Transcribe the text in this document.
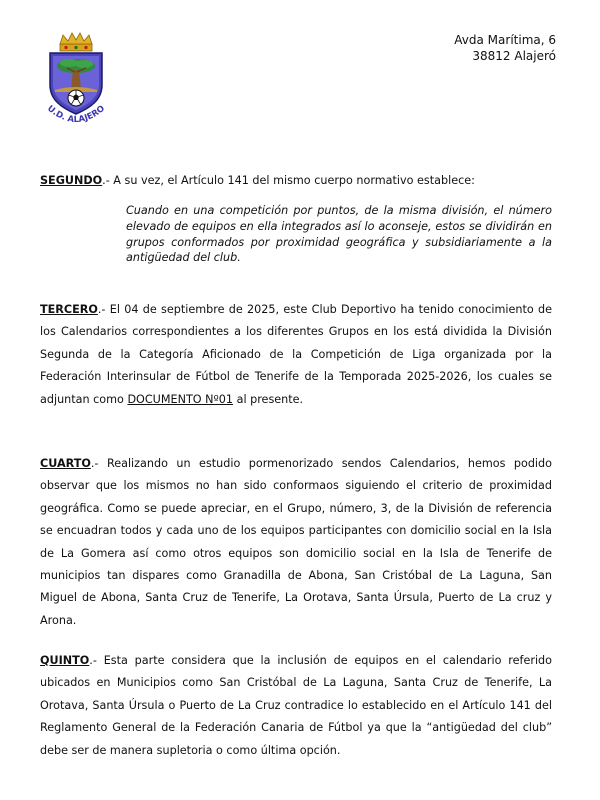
U.D. ALAJERO
Avda Marítima, 6
38812 Alajeró
SEGUNDO.- A su vez, el Artículo 141 del mismo cuerpo normativo establece:
Cuando en una competición por puntos, de la misma división, el número elevado de equipos en ella integrados así lo aconseje, estos se dividirán en grupos conformados por proximidad geográfica y subsidiariamente a la antigüedad del club.
TERCERO.- El 04 de septiembre de 2025, este Club Deportivo ha tenido conocimiento de los Calendarios correspondientes a los diferentes Grupos en los está dividida la División Segunda de la Categoría Aficionado de la Competición de Liga organizada por la Federación Interinsular de Fútbol de Tenerife de la Temporada 2025-2026, los cuales se adjuntan como DOCUMENTO Nº01 al presente.
CUARTO.- Realizando un estudio pormenorizado sendos Calendarios, hemos podido observar que los mismos no han sido conformaos siguiendo el criterio de proximidad geográfica. Como se puede apreciar, en el Grupo, número, 3, de la División de referencia se encuadran todos y cada uno de los equipos participantes con domicilio social en la Isla de La Gomera así como otros equipos son domicilio social en la Isla de Tenerife de municipios tan dispares como Granadilla de Abona, San Cristóbal de La Laguna, San Miguel de Abona, Santa Cruz de Tenerife, La Orotava, Santa Úrsula, Puerto de La cruz y Arona.
QUINTO.- Esta parte considera que la inclusión de equipos en el calendario referido ubicados en Municipios como San Cristóbal de La Laguna, Santa Cruz de Tenerife, La Orotava, Santa Úrsula o Puerto de La Cruz contradice lo establecido en el Artículo 141 del Reglamento General de la Federación Canaria de Fútbol ya que la “antigüedad del club” debe ser de manera supletoria o como última opción.
